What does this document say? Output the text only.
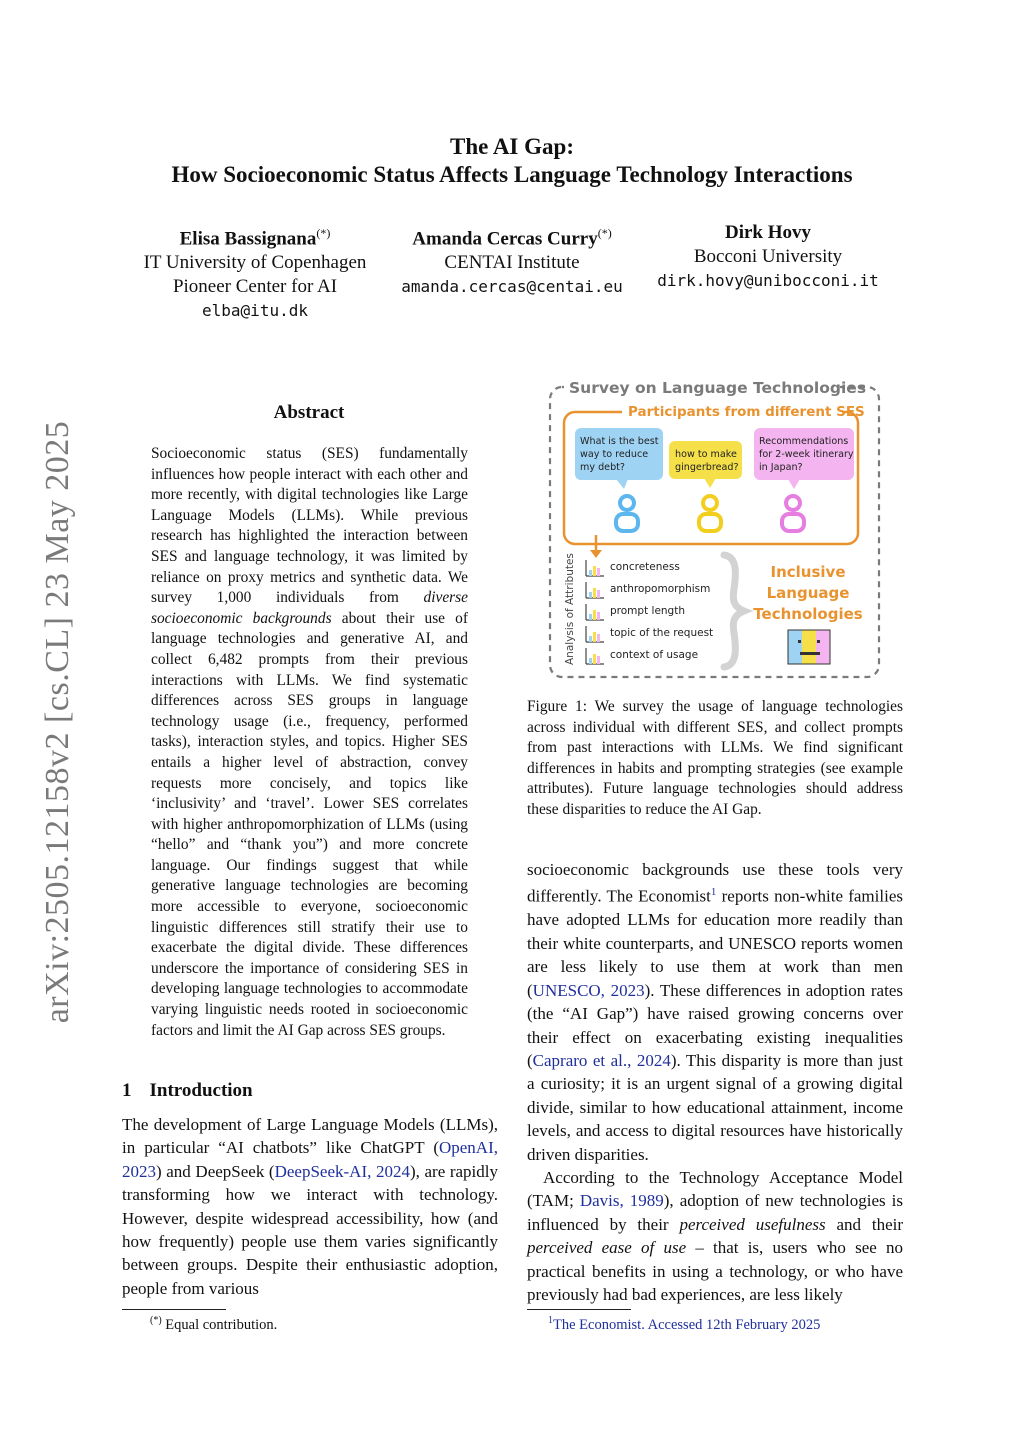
The AI Gap:
How Socioeconomic Status Affects Language Technology Interactions
Elisa Bassignana(*)
IT University of Copenhagen
Pioneer Center for AI
elba@itu.dk
Amanda Cercas Curry(*)
CENTAI Institute
amanda.cercas@centai.eu
Dirk Hovy
Bocconi University
dirk.hovy@unibocconi.it
arXiv:2505.12158v2 [cs.CL] 23 May 2025
Abstract
Socioeconomic status (SES) fundamentally influences how people interact with each other and more recently, with digital technologies like Large Language Models (LLMs). While previous research has highlighted the interaction between SES and language technology, it was limited by reliance on proxy metrics and synthetic data. We survey 1,000 individuals from diverse socioeconomic backgrounds about their use of language technologies and generative AI, and collect 6,482 prompts from their previous interactions with LLMs. We find systematic differences across SES groups in language technology usage (i.e., frequency, performed tasks), interaction styles, and topics. Higher SES entails a higher level of abstraction, convey requests more concisely, and topics like ‘inclusivity’ and ‘travel’. Lower SES correlates with higher anthropomorphization of LLMs (using “hello” and “thank you”) and more concrete language. Our findings suggest that while generative language technologies are becoming more accessible to everyone, socioeconomic linguistic differences still stratify their use to exacerbate the digital divide. These differences underscore the importance of considering SES in developing language technologies to accommodate varying linguistic needs rooted in socioeconomic factors and limit the AI Gap across SES groups.
1 Introduction

The development of Large Language Models (LLMs), in particular “AI chatbots” like ChatGPT (OpenAI, 2023) and DeepSeek (DeepSeek-AI, 2024), are rapidly transforming how we interact with technology. However, despite widespread accessibility, how (and how frequently) people use them varies significantly between groups. Despite their enthusiastic adoption, people from various

socioeconomic backgrounds use these tools very differently. The Economist$^1$ reports non-white families have adopted LLMs for education more readily than their white counterparts, and UNESCO reports women are less likely to use them at work than men (UNESCO, 2023). These differences in adoption rates (the “AI Gap”) have raised growing concerns over their effect on exacerbating existing inequalities (Capraro et al., 2024). This disparity is more than just a curiosity; it is an urgent signal of a growing digital divide, similar to how educational attainment, income levels, and access to digital resources have historically driven disparities.

According to the Technology Acceptance Model (TAM; Davis, 1989), adoption of new technologies is influenced by their perceived usefulness and their perceived ease of use – that is, users who see no practical benefits in using a technology, or who have previously had bad experiences, are less likely

(*) Equal contribution.	$^1$The Economist. Accessed 12th February 2025
Survey on Language Technologies
Participants from different SES
What is the best
way to reduce
my debt?
how to make
gingerbread?
Recommendations
for 2-week itinerary
in Japan?
Analysis of Attributes	concreteness
anthropomorphism
prompt length
topic of the request
context of usage
Inclusive
Language
Technologies
Figure 1: We survey the usage of language technologies across individual with different SES, and collect prompts from past interactions with LLMs. We find significant differences in habits and prompting strategies (see example attributes). Future language technologies should address these disparities to reduce the AI Gap.
